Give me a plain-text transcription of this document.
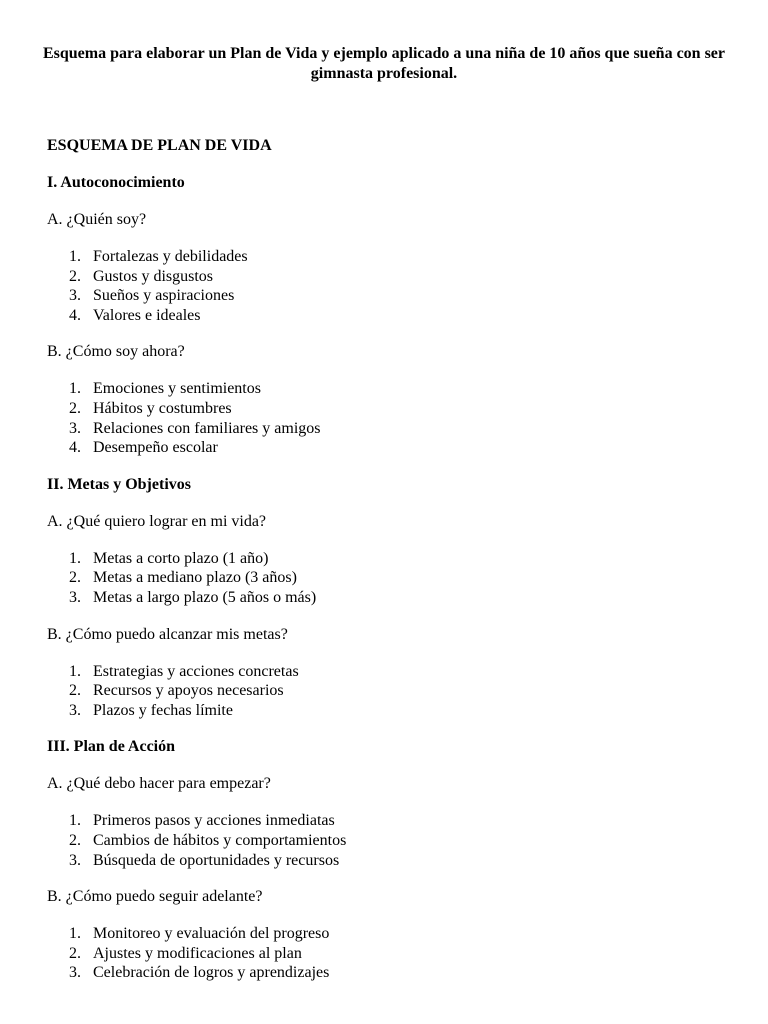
Esquema para elaborar un Plan de Vida y ejemplo aplicado a una niña de 10 años que sueña con ser gimnasta profesional.

ESQUEMA DE PLAN DE VIDA

I. Autoconocimiento

A. ¿Quién soy?

1. Fortalezas y debilidades
2. Gustos y disgustos
3. Sueños y aspiraciones
4. Valores e ideales

B. ¿Cómo soy ahora?

1. Emociones y sentimientos
2. Hábitos y costumbres
3. Relaciones con familiares y amigos
4. Desempeño escolar

II. Metas y Objetivos

A. ¿Qué quiero lograr en mi vida?

1. Metas a corto plazo (1 año)
2. Metas a mediano plazo (3 años)
3. Metas a largo plazo (5 años o más)

B. ¿Cómo puedo alcanzar mis metas?

1. Estrategias y acciones concretas
2. Recursos y apoyos necesarios
3. Plazos y fechas límite

III. Plan de Acción

A. ¿Qué debo hacer para empezar?

1. Primeros pasos y acciones inmediatas
2. Cambios de hábitos y comportamientos
3. Búsqueda de oportunidades y recursos

B. ¿Cómo puedo seguir adelante?

1. Monitoreo y evaluación del progreso
2. Ajustes y modificaciones al plan
3. Celebración de logros y aprendizajes
